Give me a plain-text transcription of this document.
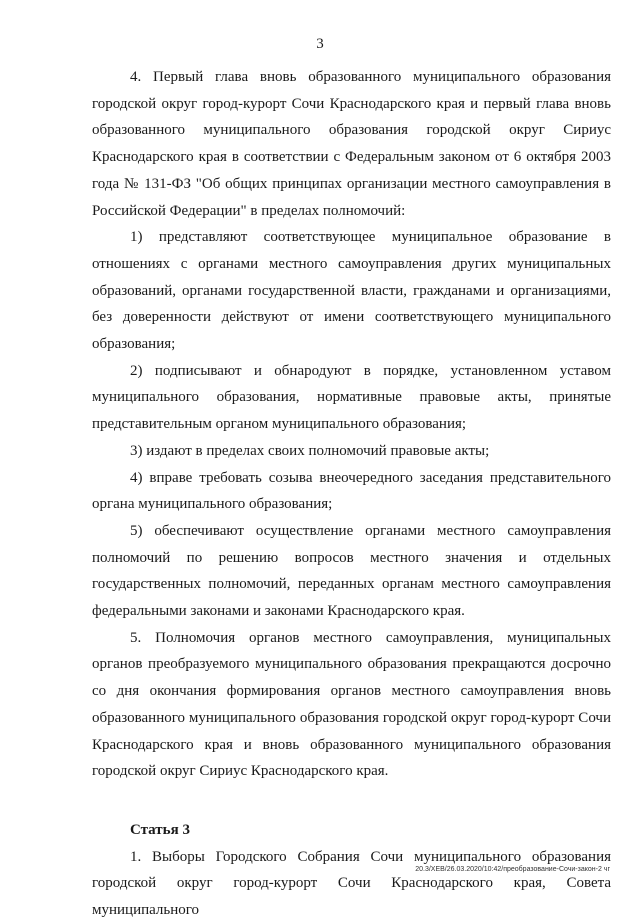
3

4. Первый глава вновь образованного муниципального образования городской округ город-курорт Сочи Краснодарского края и первый глава вновь образованного муниципального образования городской округ Сириус Краснодарского края в соответствии с Федеральным законом от 6 октября 2003 года № 131-ФЗ "Об общих принципах организации местного самоуправления в Российской Федерации" в пределах полномочий:

1) представляют соответствующее муниципальное образование в отношениях с органами местного самоуправления других муниципальных образований, органами государственной власти, гражданами и организациями, без доверенности действуют от имени соответствующего муниципального образования;

2) подписывают и обнародуют в порядке, установленном уставом муниципального образования, нормативные правовые акты, принятые представительным органом муниципального образования;

3) издают в пределах своих полномочий правовые акты;

4) вправе требовать созыва внеочередного заседания представительного органа муниципального образования;

5) обеспечивают осуществление органами местного самоуправления полномочий по решению вопросов местного значения и отдельных государственных полномочий, переданных органам местного самоуправления федеральными законами и законами Краснодарского края.

5. Полномочия органов местного самоуправления, муниципальных органов преобразуемого муниципального образования прекращаются досрочно со дня окончания формирования органов местного самоуправления вновь образованного муниципального образования городской округ город-курорт Сочи Краснодарского края и вновь образованного муниципального образования городской округ Сириус Краснодарского края.

Статья 3

1. Выборы Городского Собрания Сочи муниципального образования городской округ город-курорт Сочи Краснодарского края, Совета муниципального

20.3/XEB/26.03.2020/10:42/преобразование-Сочи-закон-2 чг
